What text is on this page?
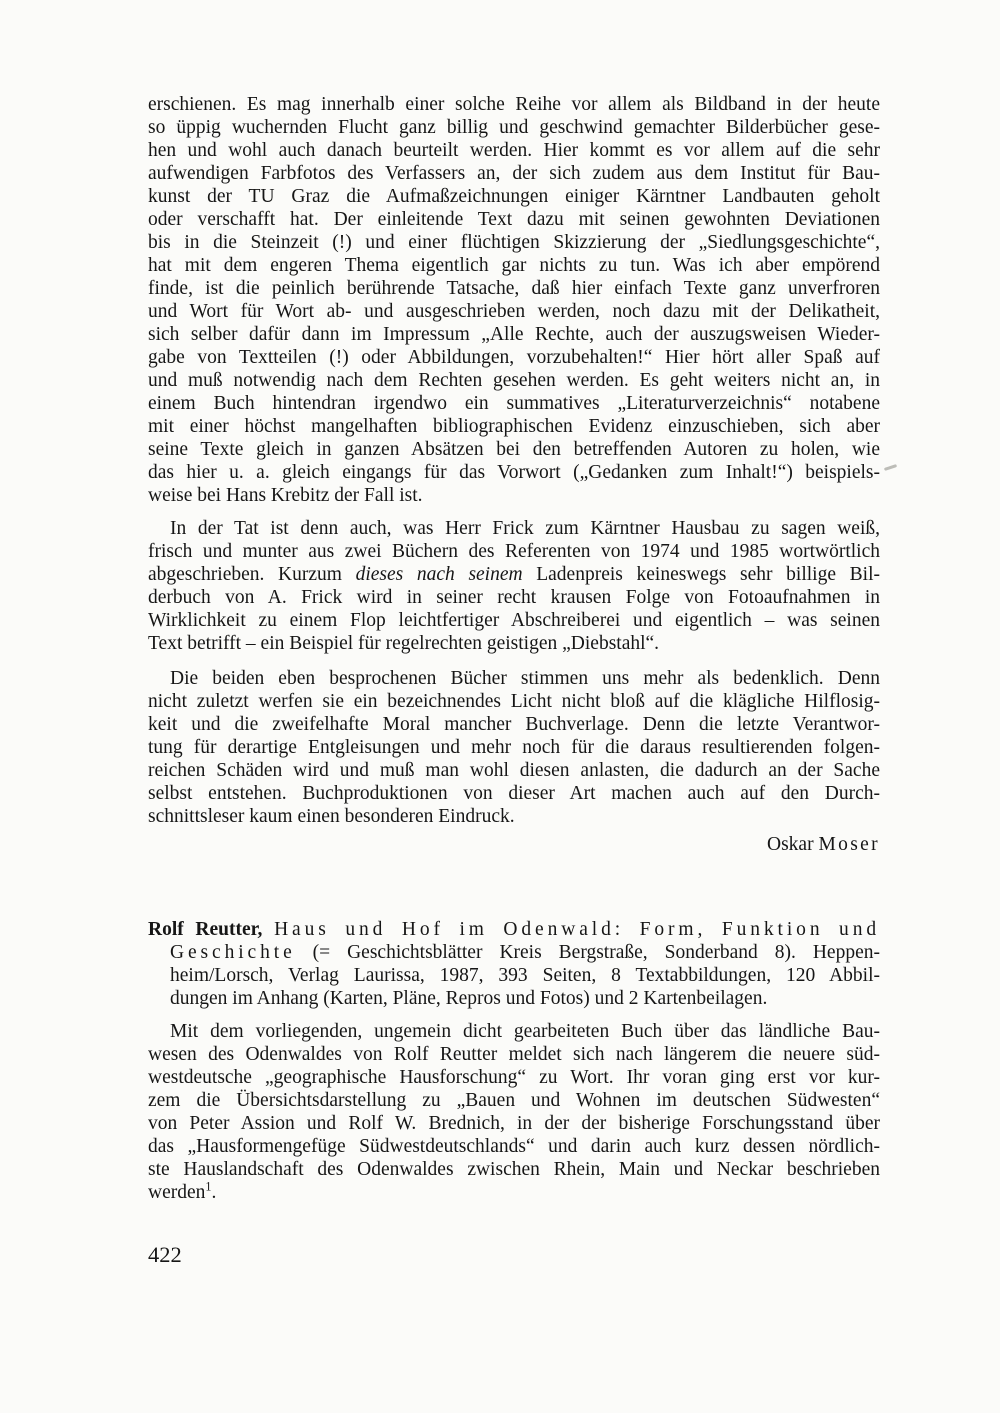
erschienen. Es mag innerhalb einer solche Reihe vor allem als Bildband in der heute
so üppig wuchernden Flucht ganz billig und geschwind gemachter Bilderbücher gese-
hen und wohl auch danach beurteilt werden. Hier kommt es vor allem auf die sehr
aufwendigen Farbfotos des Verfassers an, der sich zudem aus dem Institut für Bau-
kunst der TU Graz die Aufmaßzeichnungen einiger Kärntner Landbauten geholt
oder verschafft hat. Der einleitende Text dazu mit seinen gewohnten Deviationen
bis in die Steinzeit (!) und einer flüchtigen Skizzierung der „Siedlungsgeschichte“,
hat mit dem engeren Thema eigentlich gar nichts zu tun. Was ich aber empörend
finde, ist die peinlich berührende Tatsache, daß hier einfach Texte ganz unverfroren
und Wort für Wort ab- und ausgeschrieben werden, noch dazu mit der Delikatheit,
sich selber dafür dann im Impressum „Alle Rechte, auch der auszugsweisen Wieder-
gabe von Textteilen (!) oder Abbildungen, vorzubehalten!“ Hier hört aller Spaß auf
und muß notwendig nach dem Rechten gesehen werden. Es geht weiters nicht an, in
einem Buch hintendran irgendwo ein summatives „Literaturverzeichnis“ notabene
mit einer höchst mangelhaften bibliographischen Evidenz einzuschieben, sich aber
seine Texte gleich in ganzen Absätzen bei den betreffenden Autoren zu holen, wie
das hier u. a. gleich eingangs für das Vorwort („Gedanken zum Inhalt!“) beispiels-
weise bei Hans Krebitz der Fall ist.
In der Tat ist denn auch, was Herr Frick zum Kärntner Hausbau zu sagen weiß,
frisch und munter aus zwei Büchern des Referenten von 1974 und 1985 wortwörtlich
abgeschrieben. Kurzum dieses nach seinem Ladenpreis keineswegs sehr billige Bil-
derbuch von A. Frick wird in seiner recht krausen Folge von Fotoaufnahmen in
Wirklichkeit zu einem Flop leichtfertiger Abschreiberei und eigentlich – was seinen
Text betrifft – ein Beispiel für regelrechten geistigen „Diebstahl“.
Die beiden eben besprochenen Bücher stimmen uns mehr als bedenklich. Denn
nicht zuletzt werfen sie ein bezeichnendes Licht nicht bloß auf die klägliche Hilflosig-
keit und die zweifelhafte Moral mancher Buchverlage. Denn die letzte Verantwor-
tung für derartige Entgleisungen und mehr noch für die daraus resultierenden folgen-
reichen Schäden wird und muß man wohl diesen anlasten, die dadurch an der Sache
selbst entstehen. Buchproduktionen von dieser Art machen auch auf den Durch-
schnittsleser kaum einen besonderen Eindruck.
Oskar Moser
Rolf Reutter, Haus und Hof im Odenwald: Form, Funktion und
Geschichte (= Geschichtsblätter Kreis Bergstraße, Sonderband 8). Heppen-
heim/Lorsch, Verlag Laurissa, 1987, 393 Seiten, 8 Textabbildungen, 120 Abbil-
dungen im Anhang (Karten, Pläne, Repros und Fotos) und 2 Kartenbeilagen.
Mit dem vorliegenden, ungemein dicht gearbeiteten Buch über das ländliche Bau-
wesen des Odenwaldes von Rolf Reutter meldet sich nach längerem die neuere süd-
westdeutsche „geographische Hausforschung“ zu Wort. Ihr voran ging erst vor kur-
zem die Übersichtsdarstellung zu „Bauen und Wohnen im deutschen Südwesten“
von Peter Assion und Rolf W. Brednich, in der der bisherige Forschungsstand über
das „Hausformengefüge Südwestdeutschlands“ und darin auch kurz dessen nördlich-
ste Hauslandschaft des Odenwaldes zwischen Rhein, Main und Neckar beschrieben
werden$^1$.
422
